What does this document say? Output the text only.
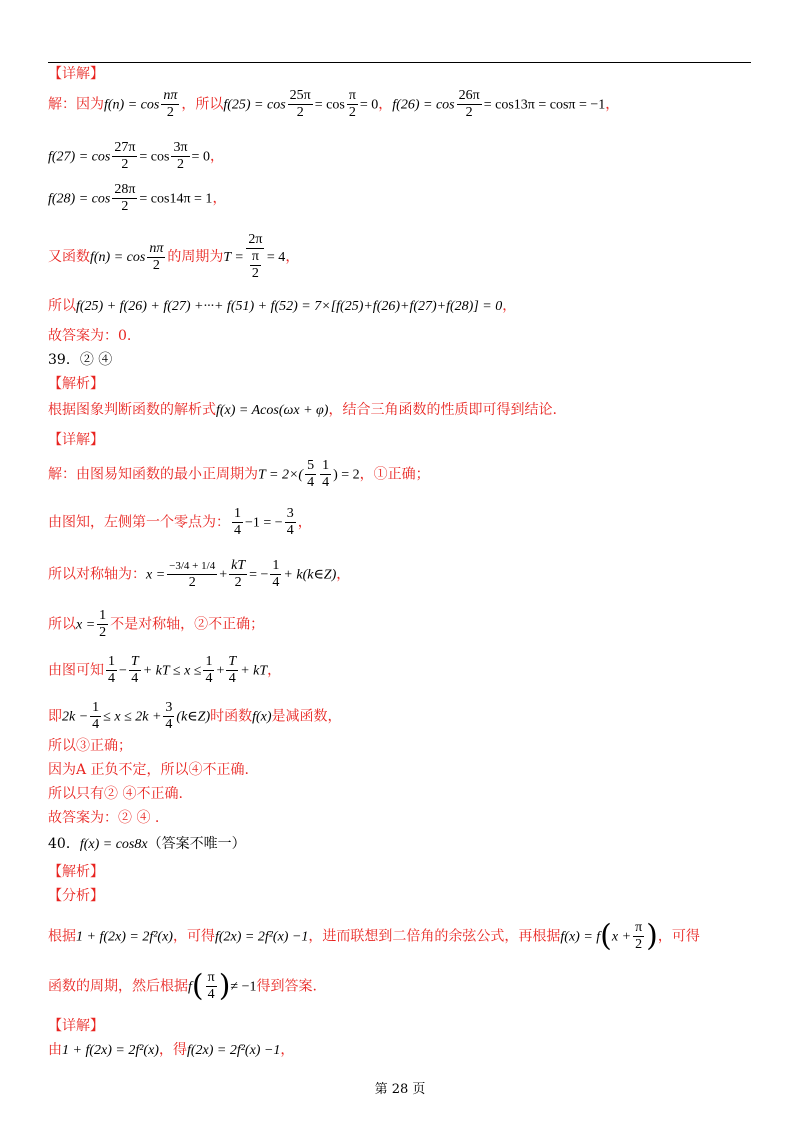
【详解】
解：因为$f(n) = \cos \frac{n\pi}{2}$ ，所以$f(25) = \cos \frac{25\pi}{2} = \cos \frac{\pi}{2} = 0$，$f(26) = \cos \frac{26\pi}{2} = \cos 13\pi = \cos\pi = -1$，
$f(27) = \cos \frac{27\pi}{2} = \cos \frac{3\pi}{2} = 0$，
$f(28) = \cos \frac{28\pi}{2} = \cos 14\pi = 1$，
又函数$f(n) = \cos \frac{n\pi}{2}$ 的周期为$T = \frac{2\pi}{\frac{\pi}{2}} = 4$，
所以f(25) + f(26) + f(27) +···+ f(51) + f(52) = 7×[f(25)+f(26)+f(27)+f(28)] = 0，
故答案为：0.
39．② ④
【解析】
根据图象判断函数的解析式f(x) = Acos(ωx + φ)，结合三角函数的性质即可得到结论.
【详解】
解：由图易知函数的最小正周期为$T = 2\times( \frac{5}{4} \frac{1}{4}$ ) = 2，①正确；
由图知，左侧第一个零点为： $\frac{1}{4} -1$ = − $\frac{3}{4}$ ，
所以对称轴为：$x = \frac{-3/4 + 1/4}{2} + \frac{kT}{2}$ = − $\frac{1}{4}$ + k(k∈Z)，
所以$x = \frac{1}{2}$ 不是对称轴，②不正确；
由图可知 $\frac{1}{4} - \frac{T}{4}$ + kT ≤ $x \le \frac{1}{4} + \frac{T}{4}$ + kT，
即$2k - \frac{1}{4} \le x \le 2k + \frac{3}{4}$ (k∈Z)时函数f(x)是减函数，
所以③正确；
因为A 正负不定，所以④不正确.
所以只有② ④不正确.
故答案为：② ④ .
40．f(x) = cos8x（答案不唯一）
【解析】
【分析】
根据1 + f(2x) = 2f²(x)，可得f(2x) = 2f²(x) −1，进而联想到二倍角的余弦公式，再根据$f(x) = f(x + \frac{\pi}{2}$ )，可得
函数的周期，然后根据$f( \frac{\pi}{4}$ )≠ −1得到答案.
【详解】
由1 + f(2x) = 2f²(x)，得f(2x) = 2f²(x) −1，
第 28 页
